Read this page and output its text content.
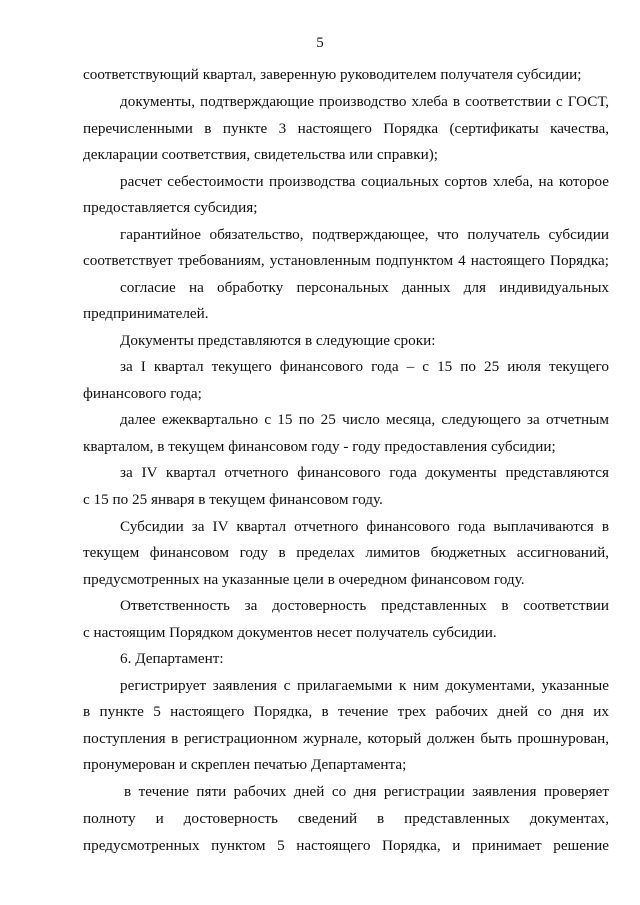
5
соответствующий квартал, заверенную руководителем получателя субсидии;
документы, подтверждающие производство хлеба в соответствии с ГОСТ,
перечисленными в пункте 3 настоящего Порядка (сертификаты качества,
декларации соответствия, свидетельства или справки);
расчет себестоимости производства социальных сортов хлеба, на которое
предоставляется субсидия;
гарантийное обязательство, подтверждающее, что получатель субсидии
соответствует требованиям, установленным подпунктом 4 настоящего Порядка;
согласие на обработку персональных данных для индивидуальных
предпринимателей.
Документы представляются в следующие сроки:
за I квартал текущего финансового года – с 15 по 25 июля текущего
финансового года;
далее ежеквартально с 15 по 25 число месяца, следующего за отчетным
кварталом, в текущем финансовом году - году предоставления субсидии;
за IV квартал отчетного финансового года документы представляются
с 15 по 25 января в текущем финансовом году.
Субсидии за IV квартал отчетного финансового года выплачиваются в
текущем финансовом году в пределах лимитов бюджетных ассигнований,
предусмотренных на указанные цели в очередном финансовом году.
Ответственность за достоверность представленных в соответствии
с настоящим Порядком документов несет получатель субсидии.
6. Департамент:
регистрирует заявления с прилагаемыми к ним документами, указанные
в пункте 5 настоящего Порядка, в течение трех рабочих дней со дня их
поступления в регистрационном журнале, который должен быть прошнурован,
пронумерован и скреплен печатью Департамента;
в течение пяти рабочих дней со дня регистрации заявления проверяет
полноту и достоверность сведений в представленных документах,
предусмотренных пунктом 5 настоящего Порядка, и принимает решение
